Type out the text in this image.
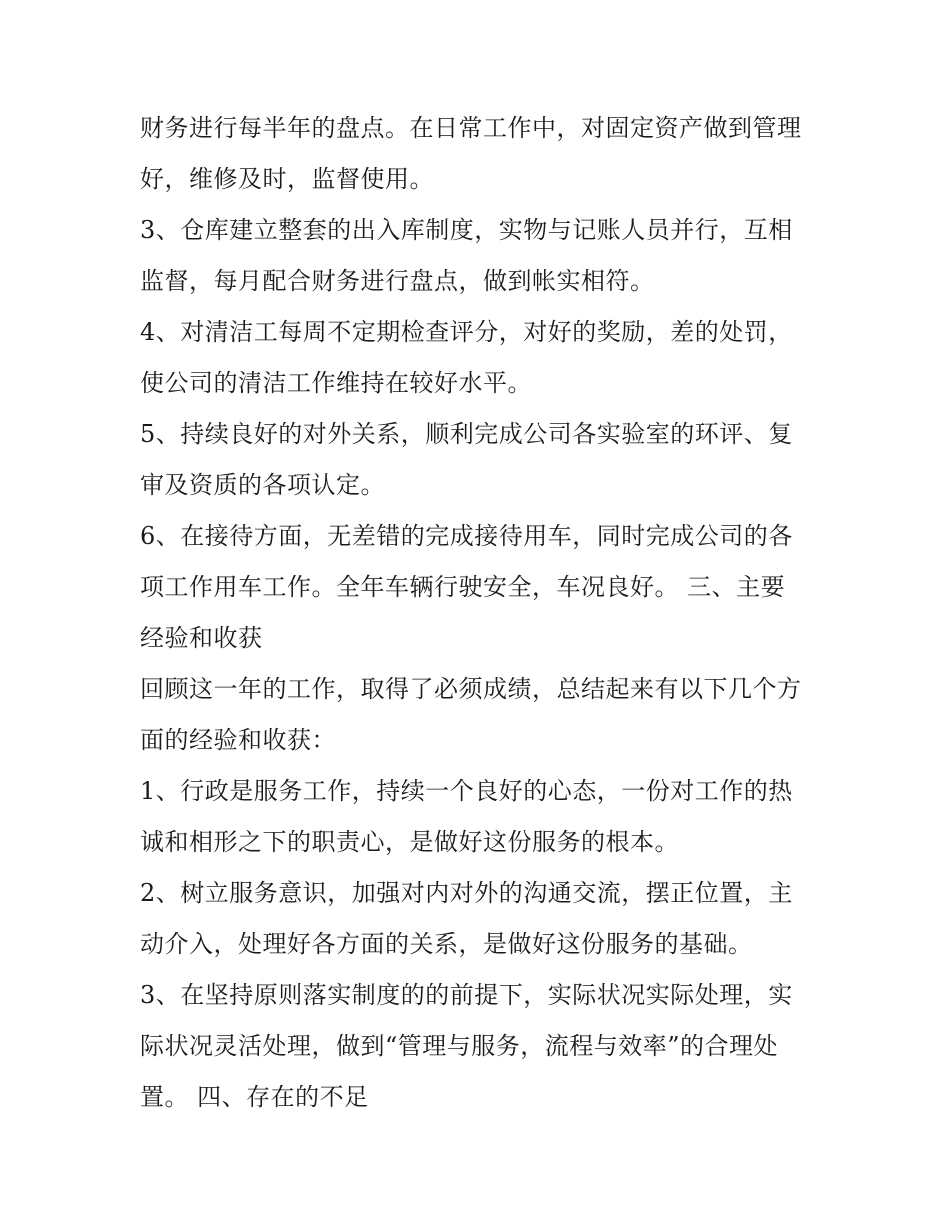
财务进行每半年的盘点。在日常工作中，对固定资产做到管理
好，维修及时，监督使用。
3、仓库建立整套的出入库制度，实物与记账人员并行，互相
监督，每月配合财务进行盘点，做到帐实相符。
4、对清洁工每周不定期检查评分，对好的奖励，差的处罚，
使公司的清洁工作维持在较好水平。
5、持续良好的对外关系，顺利完成公司各实验室的环评、复
审及资质的各项认定。
6、在接待方面，无差错的完成接待用车，同时完成公司的各
项工作用车工作。全年车辆行驶安全，车况良好。 三、主要
经验和收获
回顾这一年的工作，取得了必须成绩，总结起来有以下几个方
面的经验和收获：
1、行政是服务工作，持续一个良好的心态，一份对工作的热
诚和相形之下的职责心，是做好这份服务的根本。
2、树立服务意识，加强对内对外的沟通交流，摆正位置，主
动介入，处理好各方面的关系，是做好这份服务的基础。
3、在坚持原则落实制度的的前提下，实际状况实际处理，实
际状况灵活处理，做到“管理与服务，流程与效率”的合理处
置。 四、存在的不足
